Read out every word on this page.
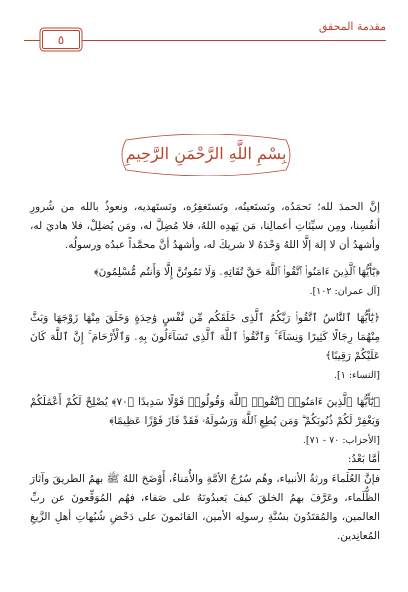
مقدمة المحقق
٥
بِسْمِ اللَّهِ الرَّحْمَنِ الرَّحِيمِ

إنَّ الحمدَ لله؛ نَحمَدُه، ونَستَعينُه، ونَستَغفِرُه، ونَستَهديه، ونعوذُ بالله من شُرورِ أنفُسِنا، ومِن سيِّئاتِ أعمالِنا، مَن يَهدِه اللهُ، فلا مُضِلَّ له، ومَن يُضلِلْ، فلا هاديَ له، وأشهدُ أن لا إلهَ إلَّا اللهُ وَحْدَهُ لا شريكَ له، وأشهدُ أنَّ محمَّداً عبدُه ورسولُه.

﴿يَٰٓأَيُّهَا ٱلَّذِينَ ءَامَنُوا۟ ٱتَّقُوا۟ ٱللَّهَ حَقَّ تُقَاتِهِۦ وَلَا تَمُوتُنَّ إِلَّا وَأَنتُم مُّسْلِمُونَ﴾

[آل عمران: ١٠٢].

﴿يَٰٓأَيُّهَا ٱلنَّاسُ ٱتَّقُوا۟ رَبَّكُمُ ٱلَّذِى خَلَقَكُم مِّن نَّفْسٍ وَٰحِدَةٍ وَخَلَقَ مِنْهَا زَوْجَهَا وَبَثَّ مِنْهُمَا رِجَالًا كَثِيرًا وَنِسَآءً ۚ وَٱتَّقُوا۟ ٱللَّهَ ٱلَّذِى تَسَآءَلُونَ بِهِۦ وَٱلْأَرْحَامَ ۚ إِنَّ ٱللَّهَ كَانَ عَلَيْكُمْ رَقِيبًا﴾

[النساء: ١].

﴿يَٰٓأَيُّهَا ٱلَّذِينَ ءَامَنُوا۟ ٱتَّقُوا۟ ٱللَّهَ وَقُولُوا۟ قَوْلًا سَدِيدًا ﴿٧٠﴾ يُصْلِحْ لَكُمْ أَعْمَٰلَكُمْ وَيَغْفِرْ لَكُمْ ذُنُوبَكُمْ ۗ وَمَن يُطِعِ ٱللَّهَ وَرَسُولَهُۥ فَقَدْ فَازَ فَوْزًا عَظِيمًا﴾

[الأحزاب: ٧٠ - ٧١].

أمَّا بَعْدُ:

فإنَّ العُلَماءَ ورثةُ الأنبياء، وهُم سُرُجُ الأمَّةِ والأُمَناءُ، أَوْضَحَ اللهُ ﷺ بهمُ الطريقَ وآثارَ الظُّلَماء، وعَرَّفَ بهمُ الخلقَ كيفَ يَعبدُونَهُ على صَفاء، فهُم المُوَقِّعونَ عن ربِّ العالمين، والمُقتَدُونَ بسُنَّةِ رسولِه الأمين، القائمونَ على دَحْضِ شُبُهاتِ أهلِ الزَّيغِ المُعانِدين.
